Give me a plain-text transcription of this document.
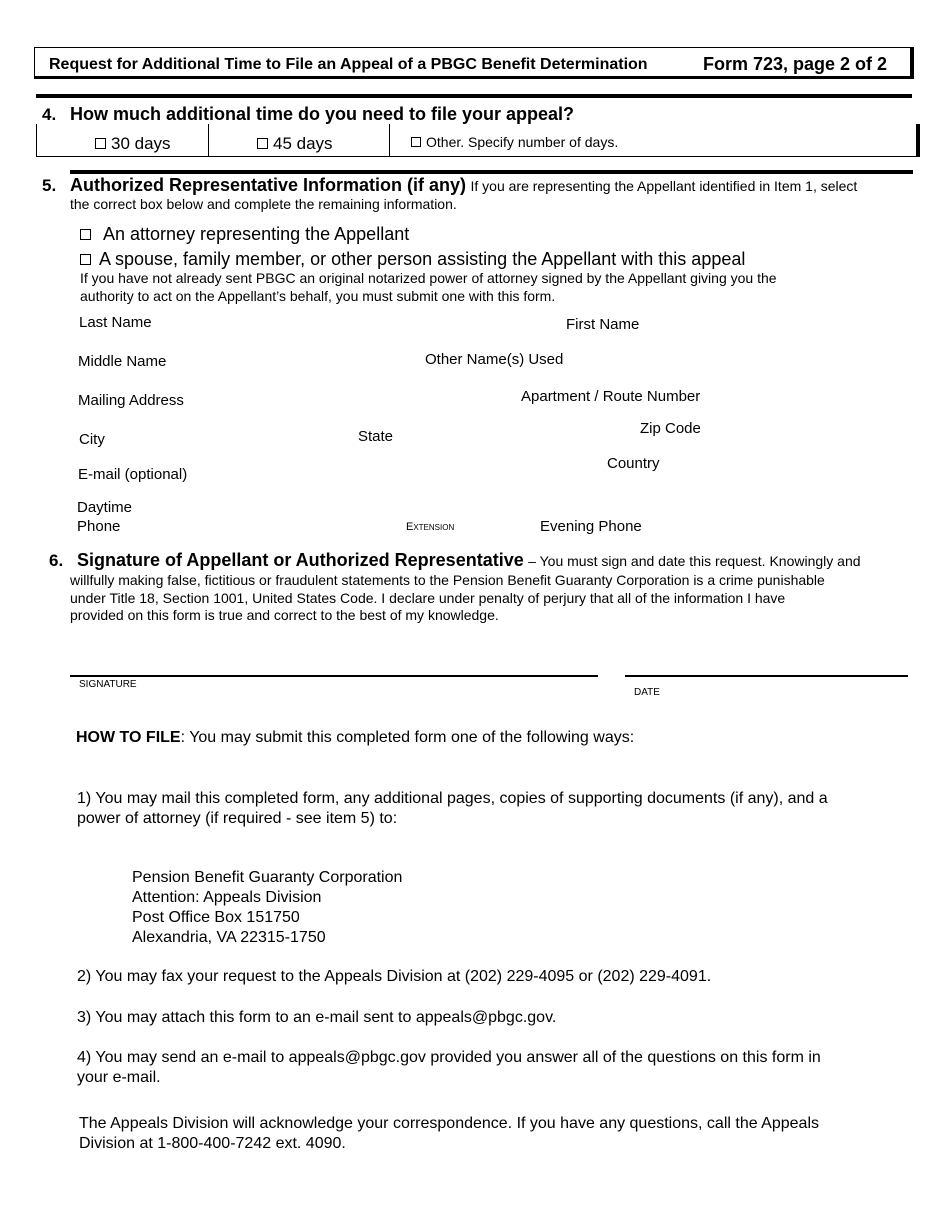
Request for Additional Time to File an Appeal of a PBGC Benefit Determination	Form 723, page 2 of 2
4. How much additional time do you need to file your appeal?
30 days	45 days	Other. Specify number of days.
5. Authorized Representative Information (if any) If you are representing the Appellant identified in Item 1, select
the correct box below and complete the remaining information.
An attorney representing the Appellant
A spouse, family member, or other person assisting the Appellant with this appeal
If you have not already sent PBGC an original notarized power of attorney signed by the Appellant giving you the
authority to act on the Appellant’s behalf, you must submit one with this form.
Last Name	First Name
Middle Name	Other Name(s) Used
Mailing Address	Apartment / Route Number
City	State	Zip Code
E-mail (optional)
Country
Daytime
Phone	Extension	Evening Phone
6. Signature of Appellant or Authorized Representative – You must sign and date this request. Knowingly and
willfully making false, fictitious or fraudulent statements to the Pension Benefit Guaranty Corporation is a crime punishable
under Title 18, Section 1001, United States Code. I declare under penalty of perjury that all of the information I have
provided on this form is true and correct to the best of my knowledge.
SIGNATURE
DATE
HOW TO FILE: You may submit this completed form one of the following ways:
1) You may mail this completed form, any additional pages, copies of supporting documents (if any), and a
power of attorney (if required - see item 5) to:
Pension Benefit Guaranty Corporation
Attention: Appeals Division
Post Office Box 151750
Alexandria, VA 22315-1750
2) You may fax your request to the Appeals Division at (202) 229-4095 or (202) 229-4091.
3) You may attach this form to an e-mail sent to appeals@pbgc.gov.
4) You may send an e-mail to appeals@pbgc.gov provided you answer all of the questions on this form in
your e-mail.
The Appeals Division will acknowledge your correspondence. If you have any questions, call the Appeals
Division at 1-800-400-7242 ext. 4090.
